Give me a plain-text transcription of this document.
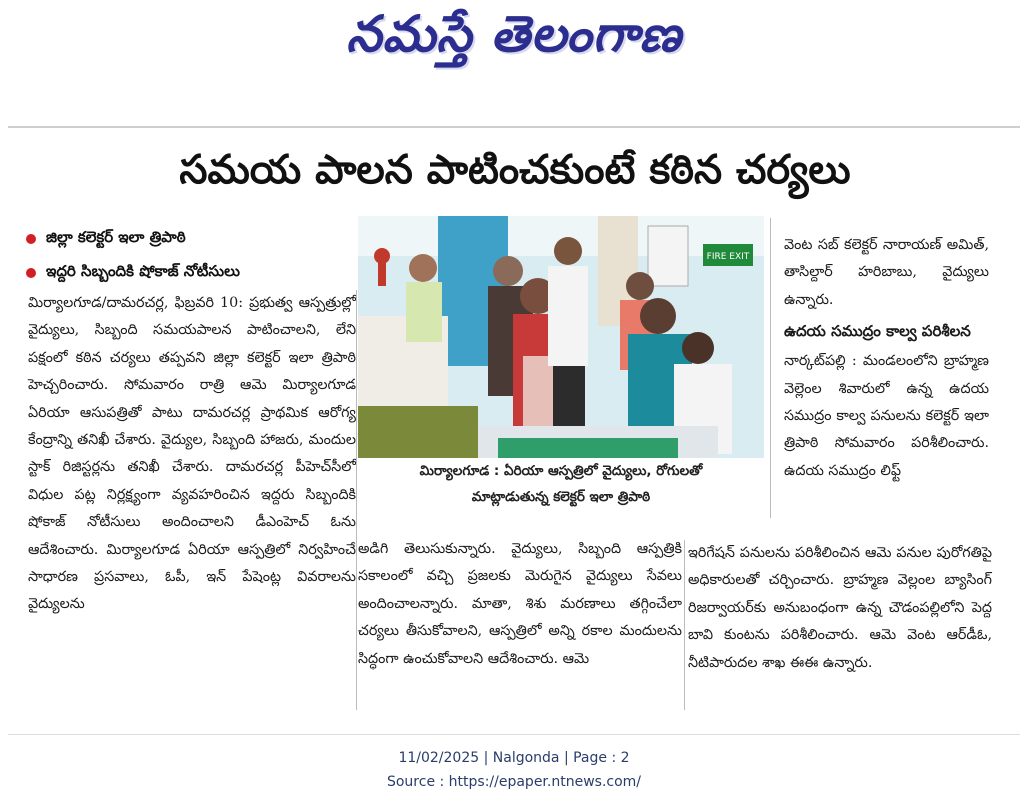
నమస్తే తెలంగాణ
సమయ పాలన పాటించకుంటే కఠిన చర్యలు
జిల్లా కలెక్టర్ ఇలా త్రిపాఠి
ఇద్దరి సిబ్బందికి షోకాజ్ నోటీసులు

మిర్యాలగూడ/దామరచర్ల, ఫిబ్రవరి 10: ప్రభుత్వ ఆస్పత్రుల్లో వైద్యులు, సిబ్బంది సమయపాలన పాటించాలని, లేని పక్షంలో కఠిన చర్యలు తప్పవని జిల్లా కలెక్టర్ ఇలా త్రిపాఠి హెచ్చరించారు. సోమవారం రాత్రి ఆమె మిర్యాలగూడ ఏరియా ఆసుపత్రితో పాటు దామరచర్ల ప్రాథమిక ఆరోగ్య కేంద్రాన్ని తనిఖీ చేశారు. వైద్యుల, సిబ్బంది హాజరు, మందుల స్టాక్ రిజిస్టర్లను తనిఖీ చేశారు. దామరచర్ల పీహెచ్‌సీలో విధుల పట్ల నిర్లక్ష్యంగా వ్యవహరించిన ఇద్దరు సిబ్బందికి షోకాజ్ నోటీసులు అందించాలని డీఎంహెచ్ ఓను ఆదేశించారు. మిర్యాలగూడ ఏరియా ఆస్పత్రిలో నిర్వహించే సాధారణ ప్రసవాలు, ఓపీ, ఇన్ పేషెంట్ల వివరాలను వైద్యులను

FIRE EXIT
మిర్యాలగూడ : ఏరియా ఆస్పత్రిలో వైద్యులు, రోగులతో
మాట్లాడుతున్న కలెక్టర్ ఇలా త్రిపాఠి

అడిగి తెలుసుకున్నారు. వైద్యులు, సిబ్బంది ఆస్పత్రికి సకాలంలో వచ్చి ప్రజలకు మెరుగైన వైద్యులు సేవలు అందించాలన్నారు. మాతా, శిశు మరణాలు తగ్గించేలా చర్యలు తీసుకోవాలని, ఆస్పత్రిలో అన్ని రకాల మందులను సిద్ధంగా ఉంచుకోవాలని ఆదేశించారు. ఆమె

వెంట సబ్ కలెక్టర్ నారాయణ్ అమిత్, తాసిల్దార్ హరిబాబు, వైద్యులు ఉన్నారు.

ఉదయ సముద్రం కాల్వ పరిశీలన

నార్కట్‌పల్లి : మండలంలోని బ్రాహ్మణ వెల్లెంల శివారులో ఉన్న ఉదయ సముద్రం కాల్వ పనులను కలెక్టర్ ఇలా త్రిపాఠి సోమవారం పరిశీలించారు. ఉదయ సముద్రం లిఫ్ట్

ఇరిగేషన్ పనులను పరిశీలించిన ఆమె పనుల పురోగతిపై అధికారులతో చర్చించారు. బ్రాహ్మణ వెల్లంల బ్యాసింగ్ రిజర్వాయర్‌కు అనుబంధంగా ఉన్న చౌడంపల్లిలోని పెద్ద బావి కుంటను పరిశీలించారు. ఆమె వెంట ఆర్‌డీఓ, నీటిపారుదల శాఖ ఈఈ ఉన్నారు.

11/02/2025 | Nalgonda | Page : 2
Source : https://epaper.ntnews.com/
